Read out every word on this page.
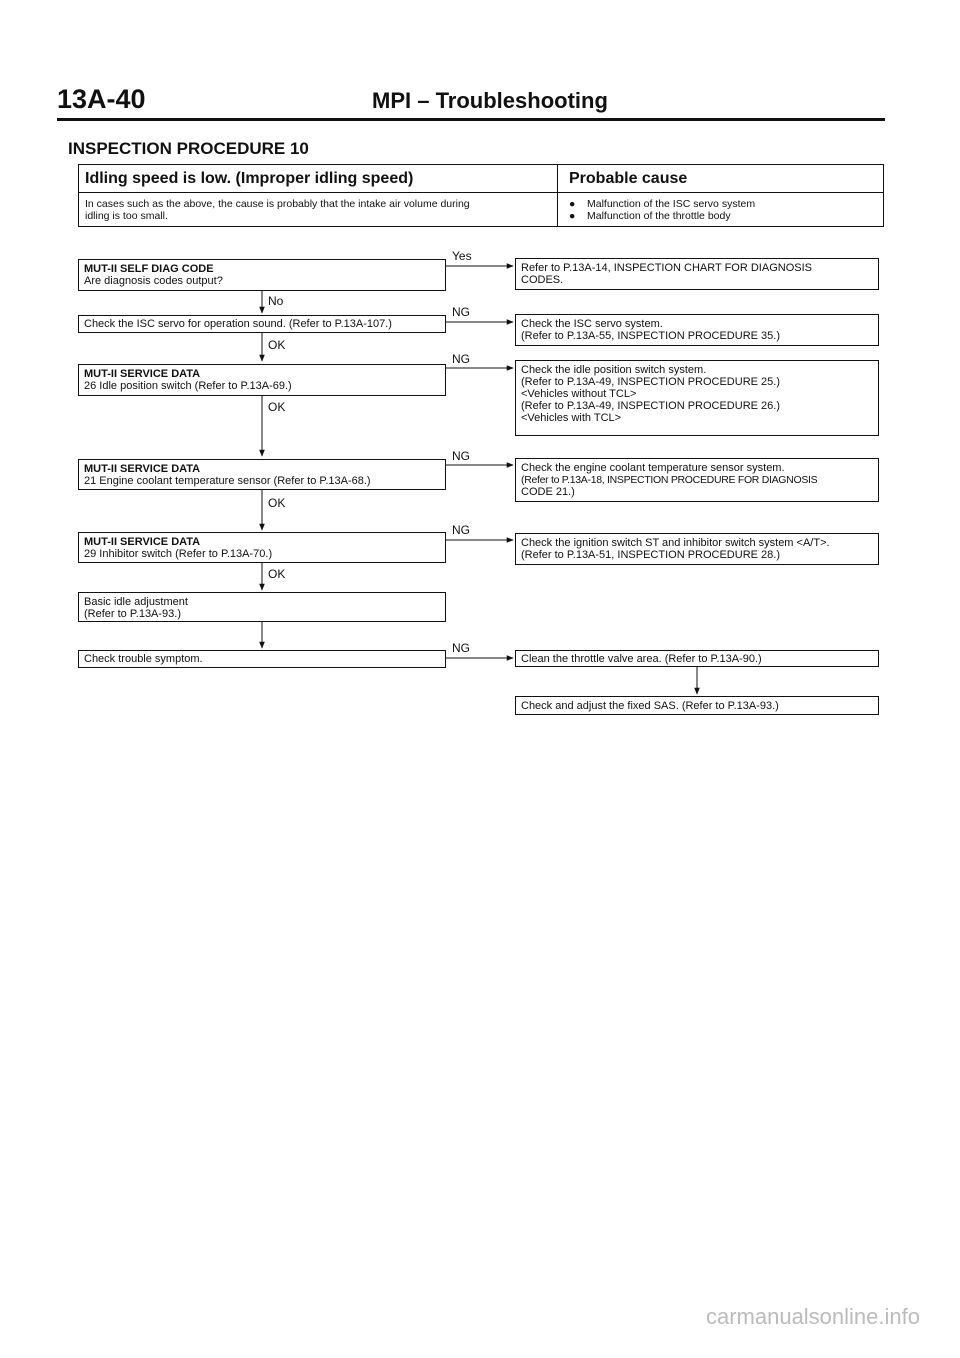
13A-40	MPI – Troubleshooting
INSPECTION PROCEDURE 10
Idling speed is low. (Improper idling speed)	Probable cause
In cases such as the above, the cause is probably that the intake air volume during
idling is too small.
● Malfunction of the ISC servo system
● Malfunction of the throttle body
Yes
NG
NG
NG
NG
NG
No
OK
OK
OK
OK
MUT-II SELF DIAG CODE
Are diagnosis codes output?
Check the ISC servo for operation sound. (Refer to P.13A-107.)
MUT-II SERVICE DATA
26 Idle position switch (Refer to P.13A-69.)
MUT-II SERVICE DATA
21 Engine coolant temperature sensor (Refer to P.13A-68.)
MUT-II SERVICE DATA
29 Inhibitor switch (Refer to P.13A-70.)
Basic idle adjustment
(Refer to P.13A-93.)
Check trouble symptom.
Refer to P.13A-14, INSPECTION CHART FOR DIAGNOSIS
CODES.
Check the ISC servo system.
(Refer to P.13A-55, INSPECTION PROCEDURE 35.)
Check the idle position switch system.
(Refer to P.13A-49, INSPECTION PROCEDURE 25.)
<Vehicles without TCL>
(Refer to P.13A-49, INSPECTION PROCEDURE 26.)
<Vehicles with TCL>
Check the engine coolant temperature sensor system.
(Refer to P.13A-18, INSPECTION PROCEDURE FOR DIAGNOSIS
CODE 21.)
Check the ignition switch ST and inhibitor switch system <A/T>.
(Refer to P.13A-51, INSPECTION PROCEDURE 28.)
Clean the throttle valve area. (Refer to P.13A-90.)
Check and adjust the fixed SAS. (Refer to P.13A-93.)
carmanualsonline.info
